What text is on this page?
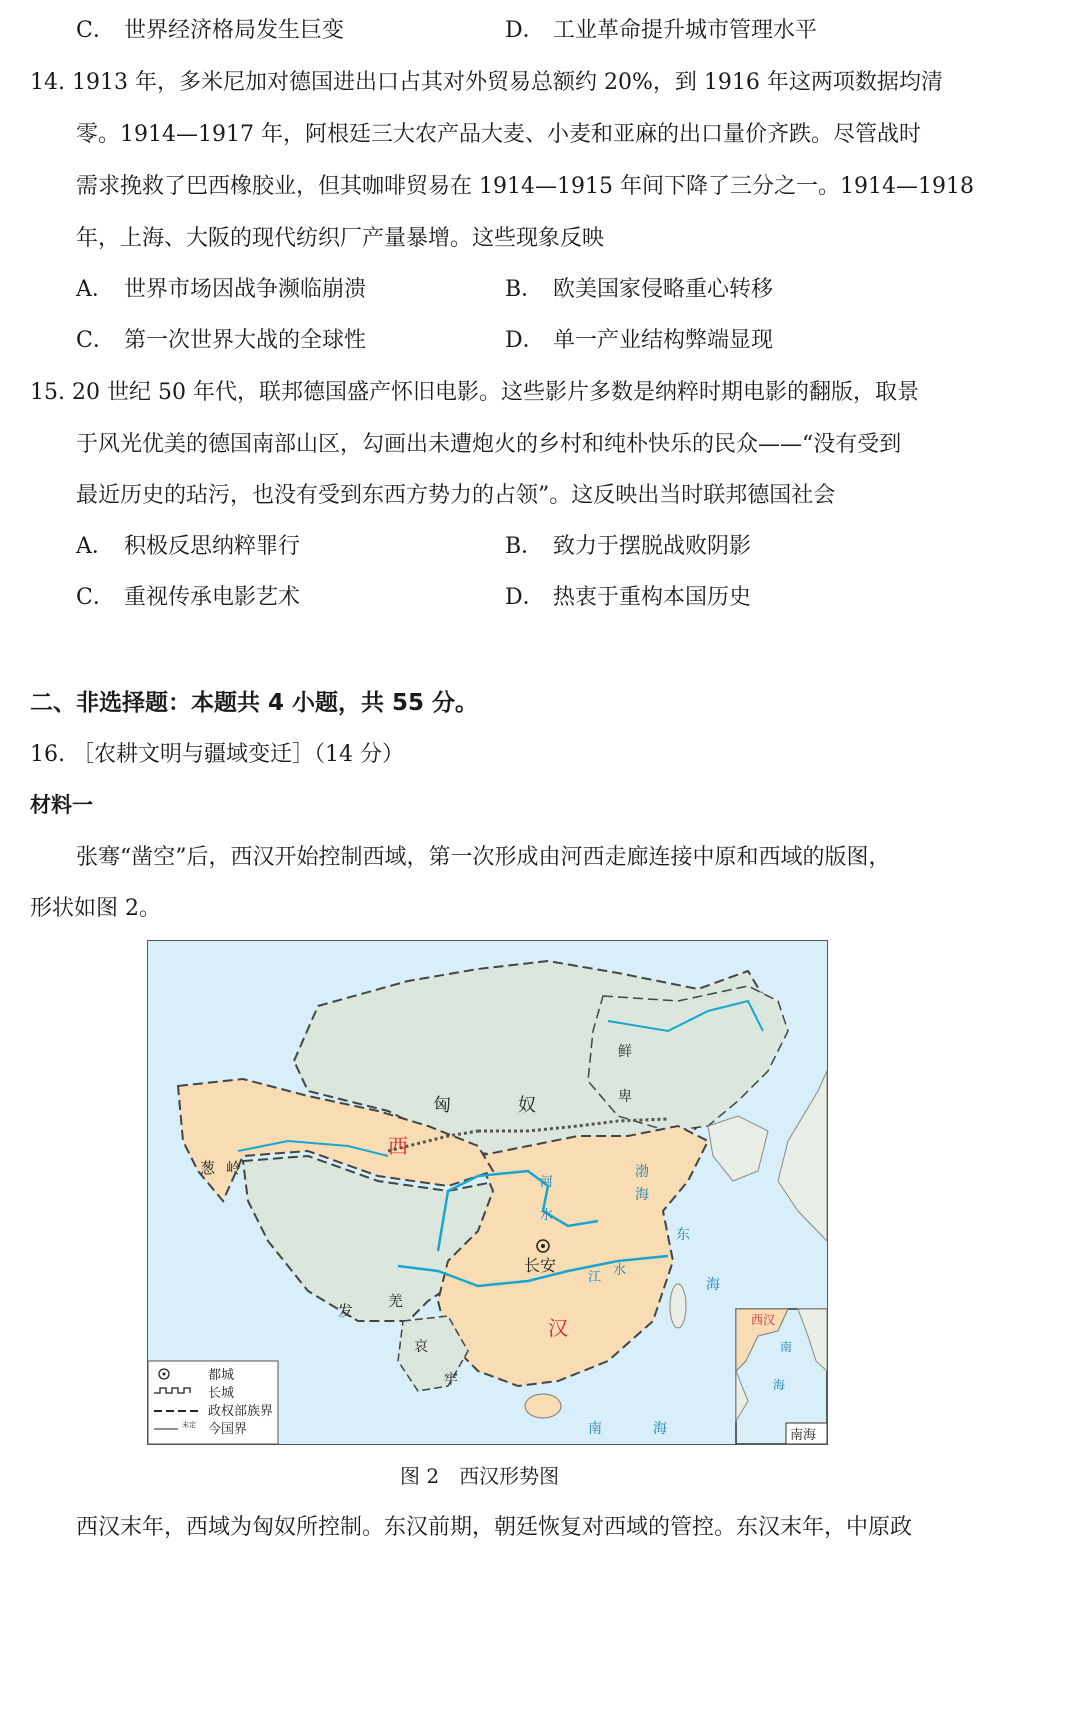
C． 世界经济格局发生巨变	D． 工业革命提升城市管理水平
14. 1913 年，多米尼加对德国进出口占其对外贸易总额约 20%，到 1916 年这两项数据均清
零。1914—1917 年，阿根廷三大农产品大麦、小麦和亚麻的出口量价齐跌。尽管战时
需求挽救了巴西橡胶业，但其咖啡贸易在 1914—1915 年间下降了三分之一。1914—1918
年，上海、大阪的现代纺织厂产量暴增。这些现象反映
A． 世界市场因战争濒临崩溃	B． 欧美国家侵略重心转移
C． 第一次世界大战的全球性	D． 单一产业结构弊端显现
15. 20 世纪 50 年代，联邦德国盛产怀旧电影。这些影片多数是纳粹时期电影的翻版，取景
于风光优美的德国南部山区，勾画出未遭炮火的乡村和纯朴快乐的民众——“没有受到
最近历史的玷污，也没有受到东西方势力的占领”。这反映出当时联邦德国社会
A． 积极反思纳粹罪行	B． 致力于摆脱战败阴影
C． 重视传承电影艺术	D． 热衷于重构本国历史
二、非选择题：本题共 4 小题，共 55 分。
16. ［农耕文明与疆域变迁］（14 分）
材料一
张骞“凿空”后，西汉开始控制西域，第一次形成由河西走廊连接中原和西域的版图，
形状如图 2。
匈	奴
鲜
卑
西
汉
葱 岭
长安
发
羌
哀
牢
河
水
江 水
渤
海
东
海
南	海
都城
长城
政权部族界
未定 今国界
西汉
南
海
南海
图 2　西汉形势图
西汉末年，西域为匈奴所控制。东汉前期，朝廷恢复对西域的管控。东汉末年，中原政
